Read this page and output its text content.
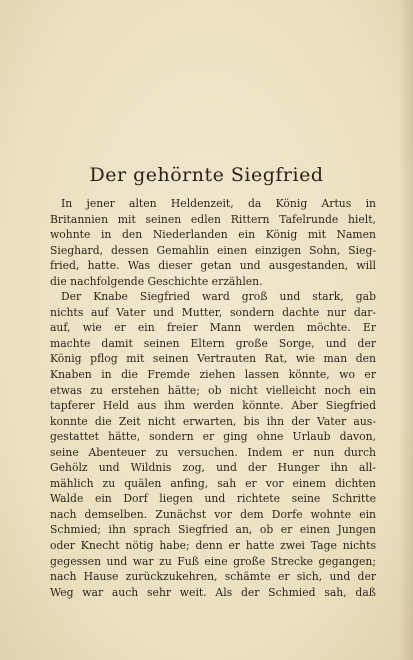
Der gehörnte Siegfried
In jener alten Heldenzeit, da König Artus in
Britannien mit seinen edlen Rittern Tafelrunde hielt,
wohnte in den Niederlanden ein König mit Namen
Sieghard, dessen Gemahlin einen einzigen Sohn, Sieg-
fried, hatte. Was dieser getan und ausgestanden, will
die nachfolgende Geschichte erzählen.
Der Knabe Siegfried ward groß und stark, gab
nichts auf Vater und Mutter, sondern dachte nur dar-
auf, wie er ein freier Mann werden möchte. Er
machte damit seinen Eltern große Sorge, und der
König pflog mit seinen Vertrauten Rat, wie man den
Knaben in die Fremde ziehen lassen könnte, wo er
etwas zu erstehen hätte; ob nicht vielleicht noch ein
tapferer Held aus ihm werden könnte. Aber Siegfried
konnte die Zeit nicht erwarten, bis ihn der Vater aus-
gestattet hätte, sondern er ging ohne Urlaub davon,
seine Abenteuer zu versuchen. Indem er nun durch
Gehölz und Wildnis zog, und der Hunger ihn all-
mählich zu quälen anfing, sah er vor einem dichten
Walde ein Dorf liegen und richtete seine Schritte
nach demselben. Zunächst vor dem Dorfe wohnte ein
Schmied; ihn sprach Siegfried an, ob er einen Jungen
oder Knecht nötig habe; denn er hatte zwei Tage nichts
gegessen und war zu Fuß eine große Strecke gegangen;
nach Hause zurückzukehren, schämte er sich, und der
Weg war auch sehr weit. Als der Schmied sah, daß
